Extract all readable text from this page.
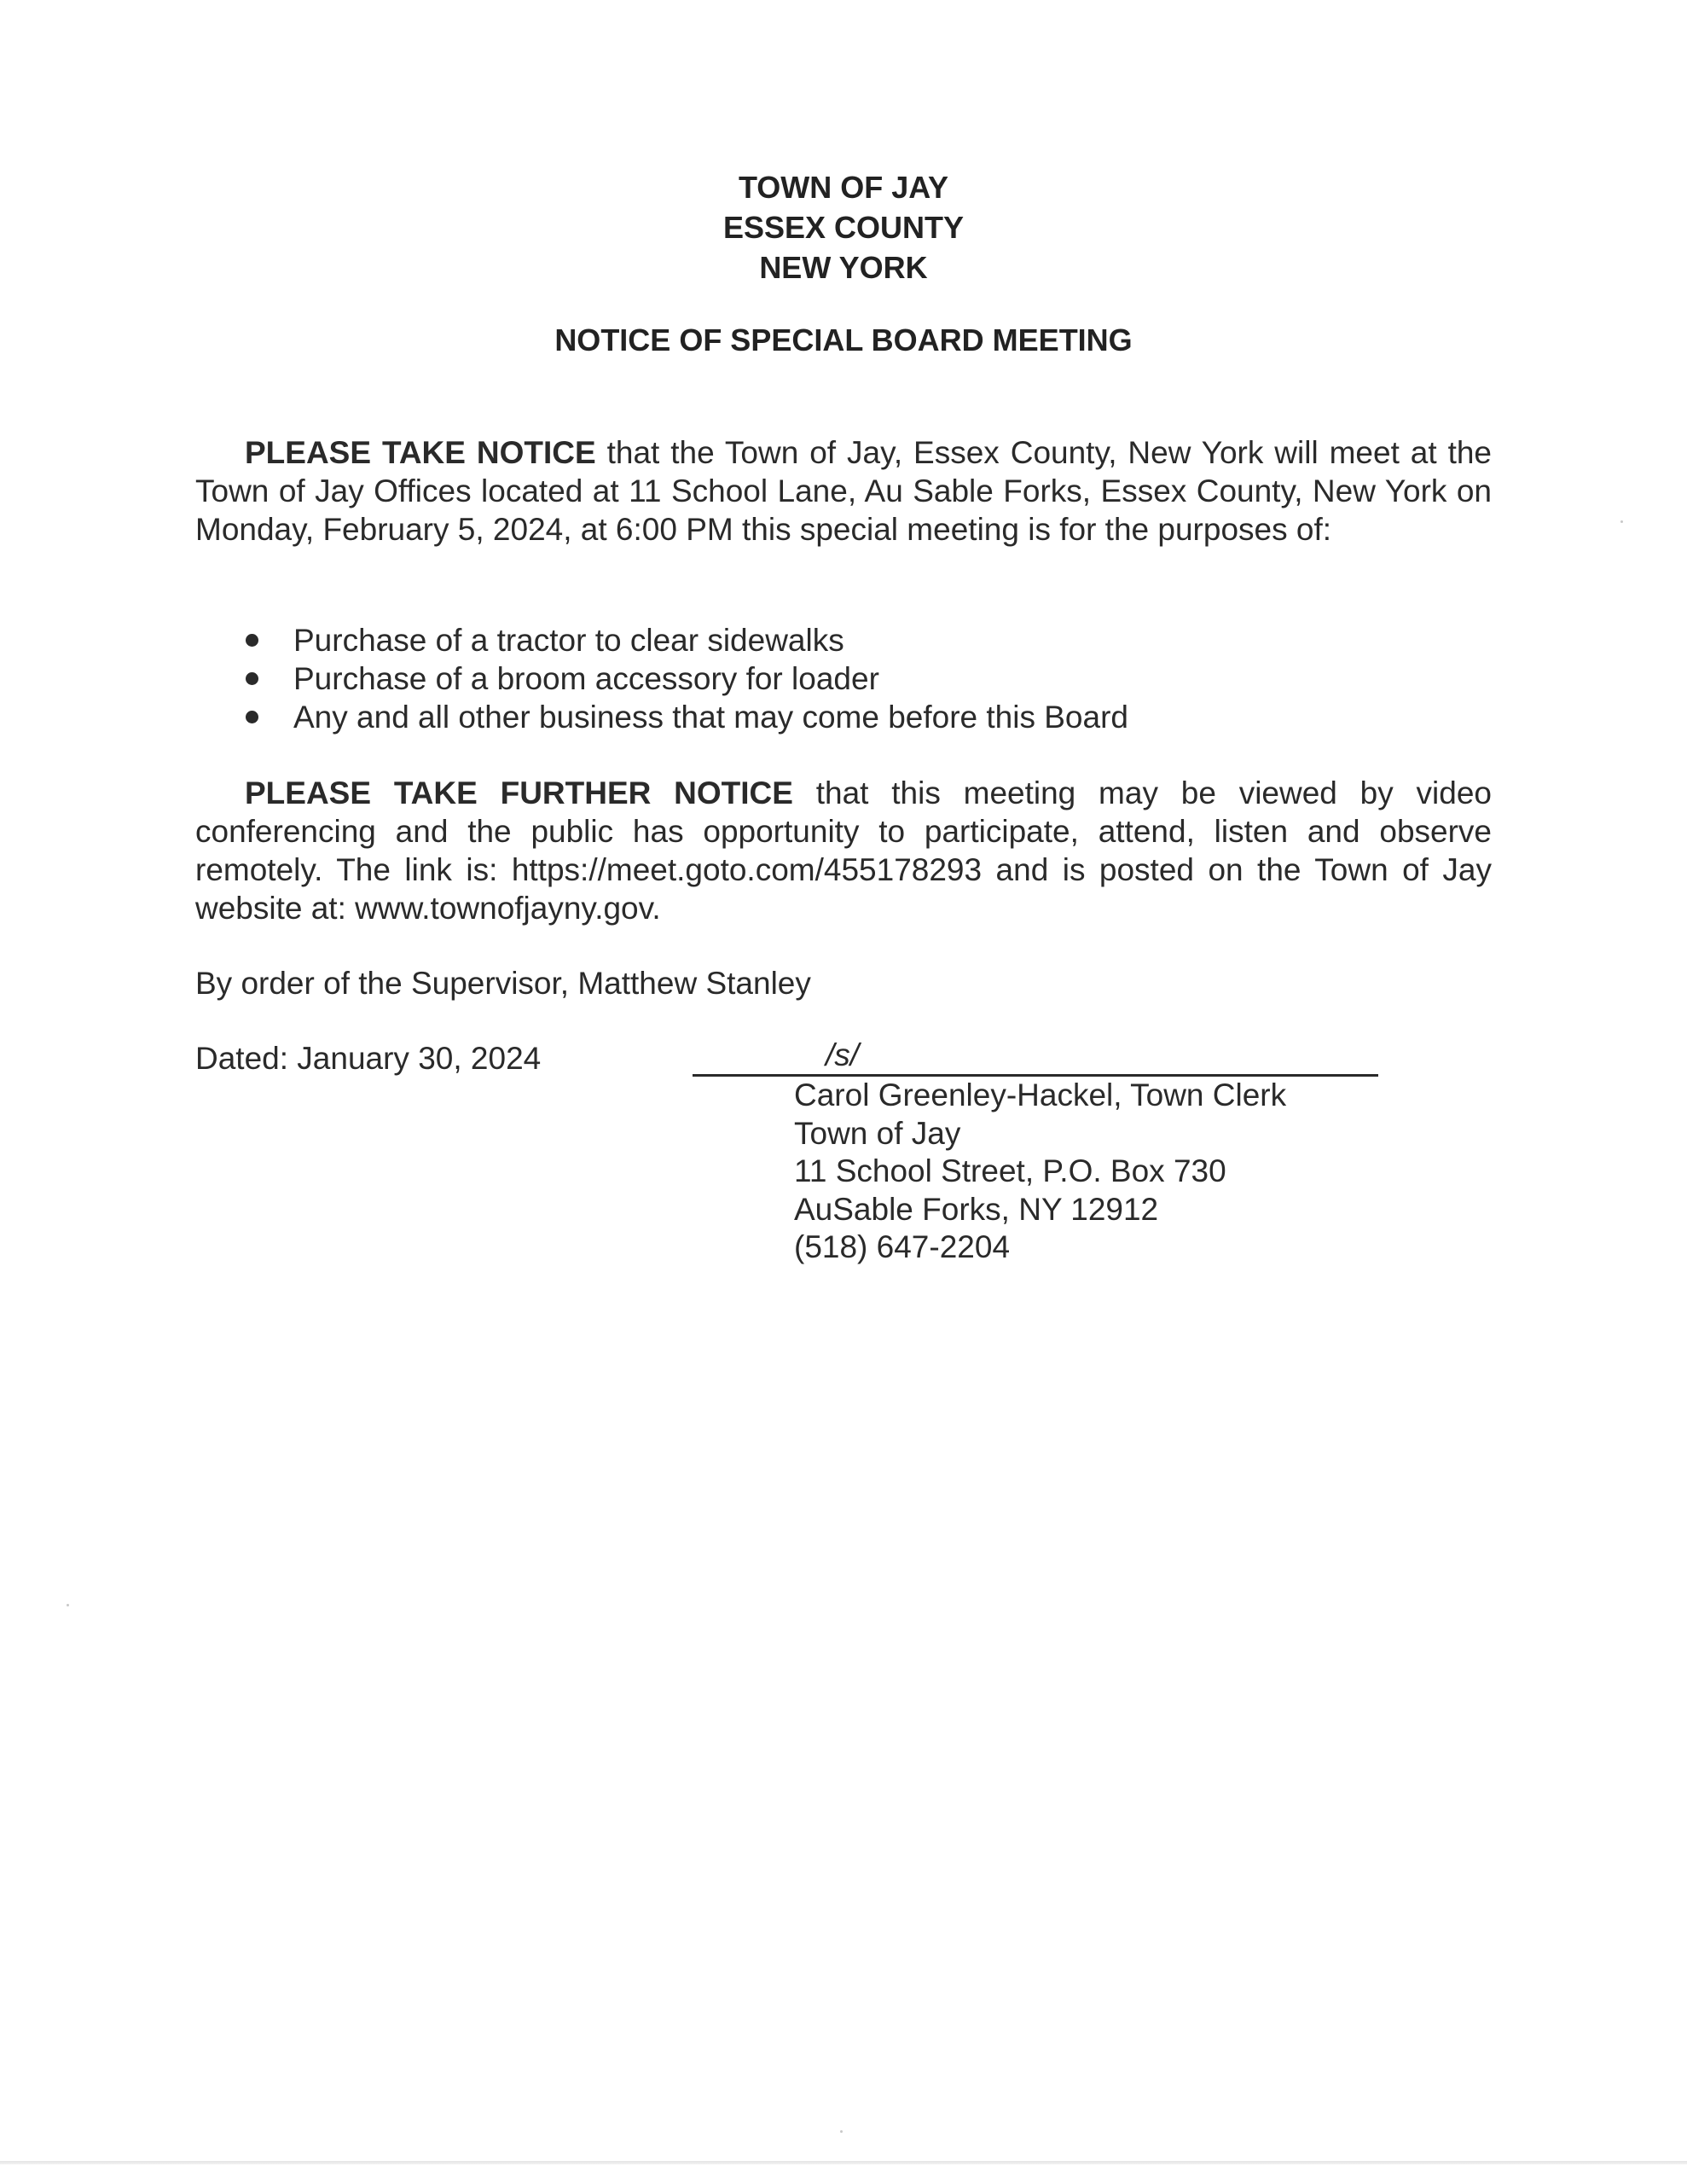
TOWN OF JAY
ESSEX COUNTY
NEW YORK
NOTICE OF SPECIAL BOARD MEETING
PLEASE TAKE NOTICE that the Town of Jay, Essex County, New York will meet at the Town of Jay Offices located at 11 School Lane, Au Sable Forks, Essex County, New York on Monday, February 5, 2024, at 6:00 PM this special meeting is for the purposes of:
Purchase of a tractor to clear sidewalks
Purchase of a broom accessory for loader
Any and all other business that may come before this Board
PLEASE TAKE FURTHER NOTICE that this meeting may be viewed by video conferencing and the public has opportunity to participate, attend, listen and observe remotely. The link is: https://meet.goto.com/455178293 and is posted on the Town of Jay website at: www.townofjayny.gov.
By order of the Supervisor, Matthew Stanley
Dated: January 30, 2024	/s/
Carol Greenley-Hackel, Town Clerk
Town of Jay
11 School Street, P.O. Box 730
AuSable Forks, NY 12912
(518) 647-2204
